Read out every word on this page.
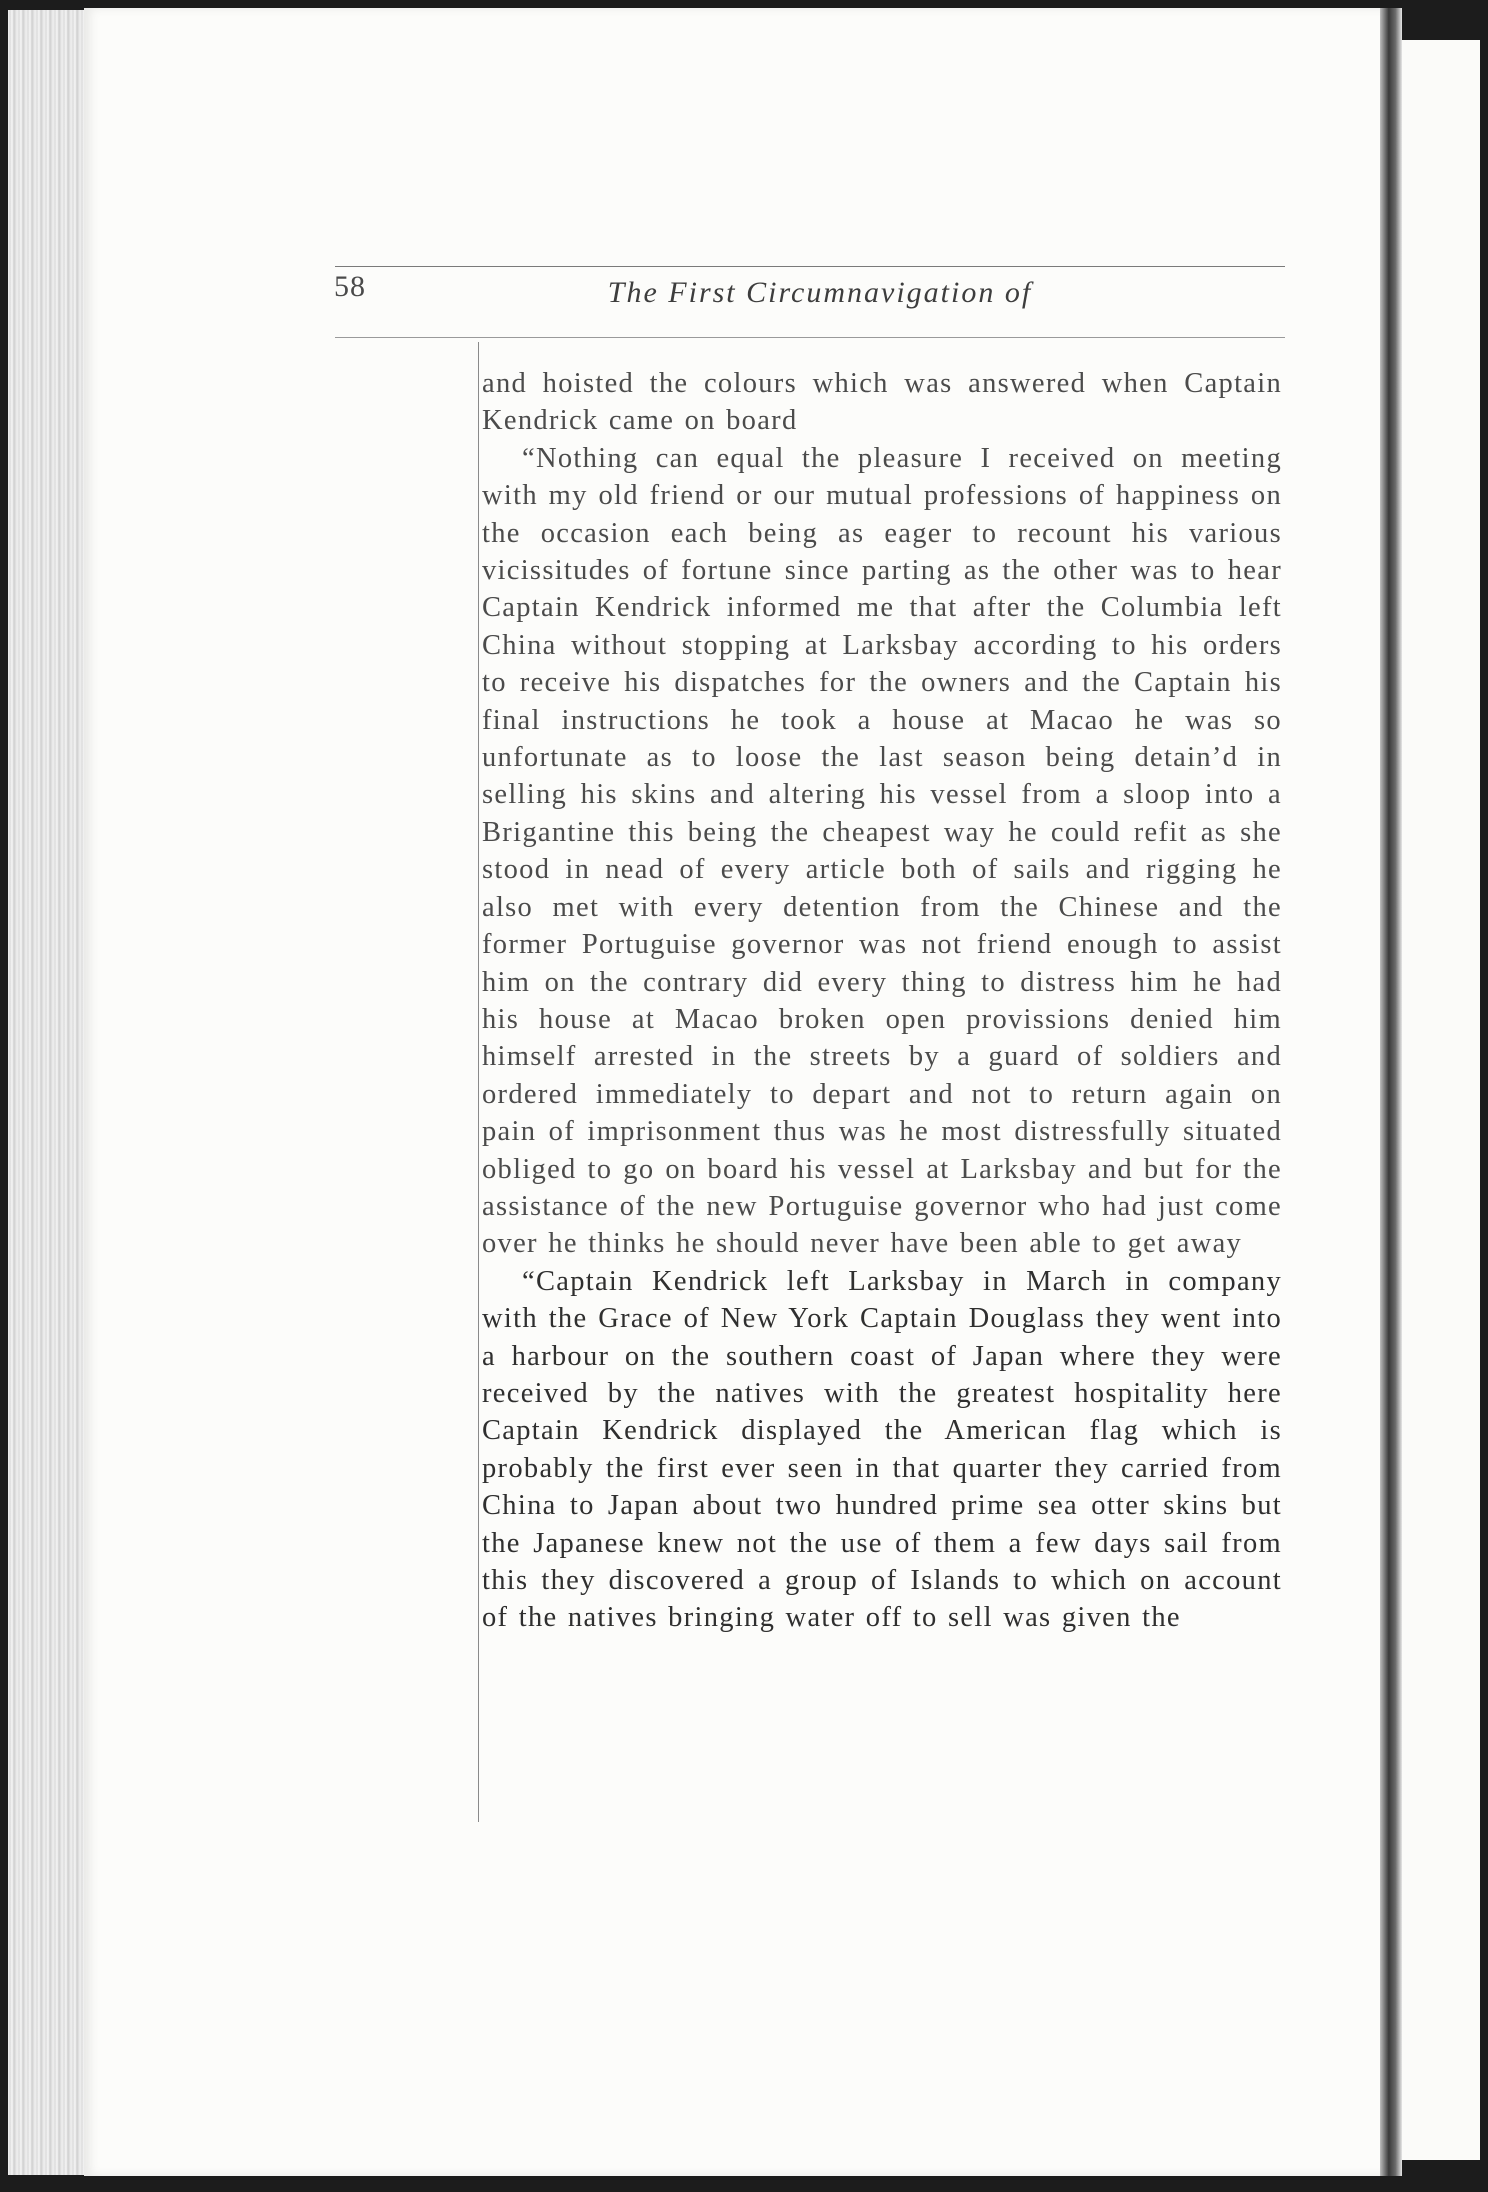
58	The First Circumnavigation of

and hoisted the colours which was answered when Captain Kendrick came on board

“Nothing can equal the pleasure I received on meeting with my old friend or our mutual professions of happiness on the occasion each being as eager to recount his various vicissitudes of fortune since parting as the other was to hear Captain Kendrick informed me that after the Columbia left China without stopping at Larksbay according to his orders to receive his dispatches for the owners and the Captain his final instructions he took a house at Macao he was so unfortunate as to loose the last season being detain’d in selling his skins and altering his vessel from a sloop into a Brigantine this being the cheapest way he could refit as she stood in nead of every article both of sails and rigging he also met with every detention from the Chinese and the former Portuguise governor was not friend enough to assist him on the contrary did every thing to distress him he had his house at Macao broken open provissions denied him himself arrested in the streets by a guard of soldiers and ordered immediately to depart and not to return again on pain of imprisonment thus was he most distressfully situated obliged to go on board his vessel at Larksbay and but for the assistance of the new Portuguise governor who had just come over he thinks he should never have been able to get away

“Captain Kendrick left Larksbay in March in company with the Grace of New York Captain Douglass they went into a harbour on the southern coast of Japan where they were received by the natives with the greatest hospitality here Captain Kendrick displayed the American flag which is probably the first ever seen in that quarter they carried from China to Japan about two hundred prime sea otter skins but the Japanese knew not the use of them a few days sail from this they discovered a group of Islands to which on account of the natives bringing water off to sell was given the
